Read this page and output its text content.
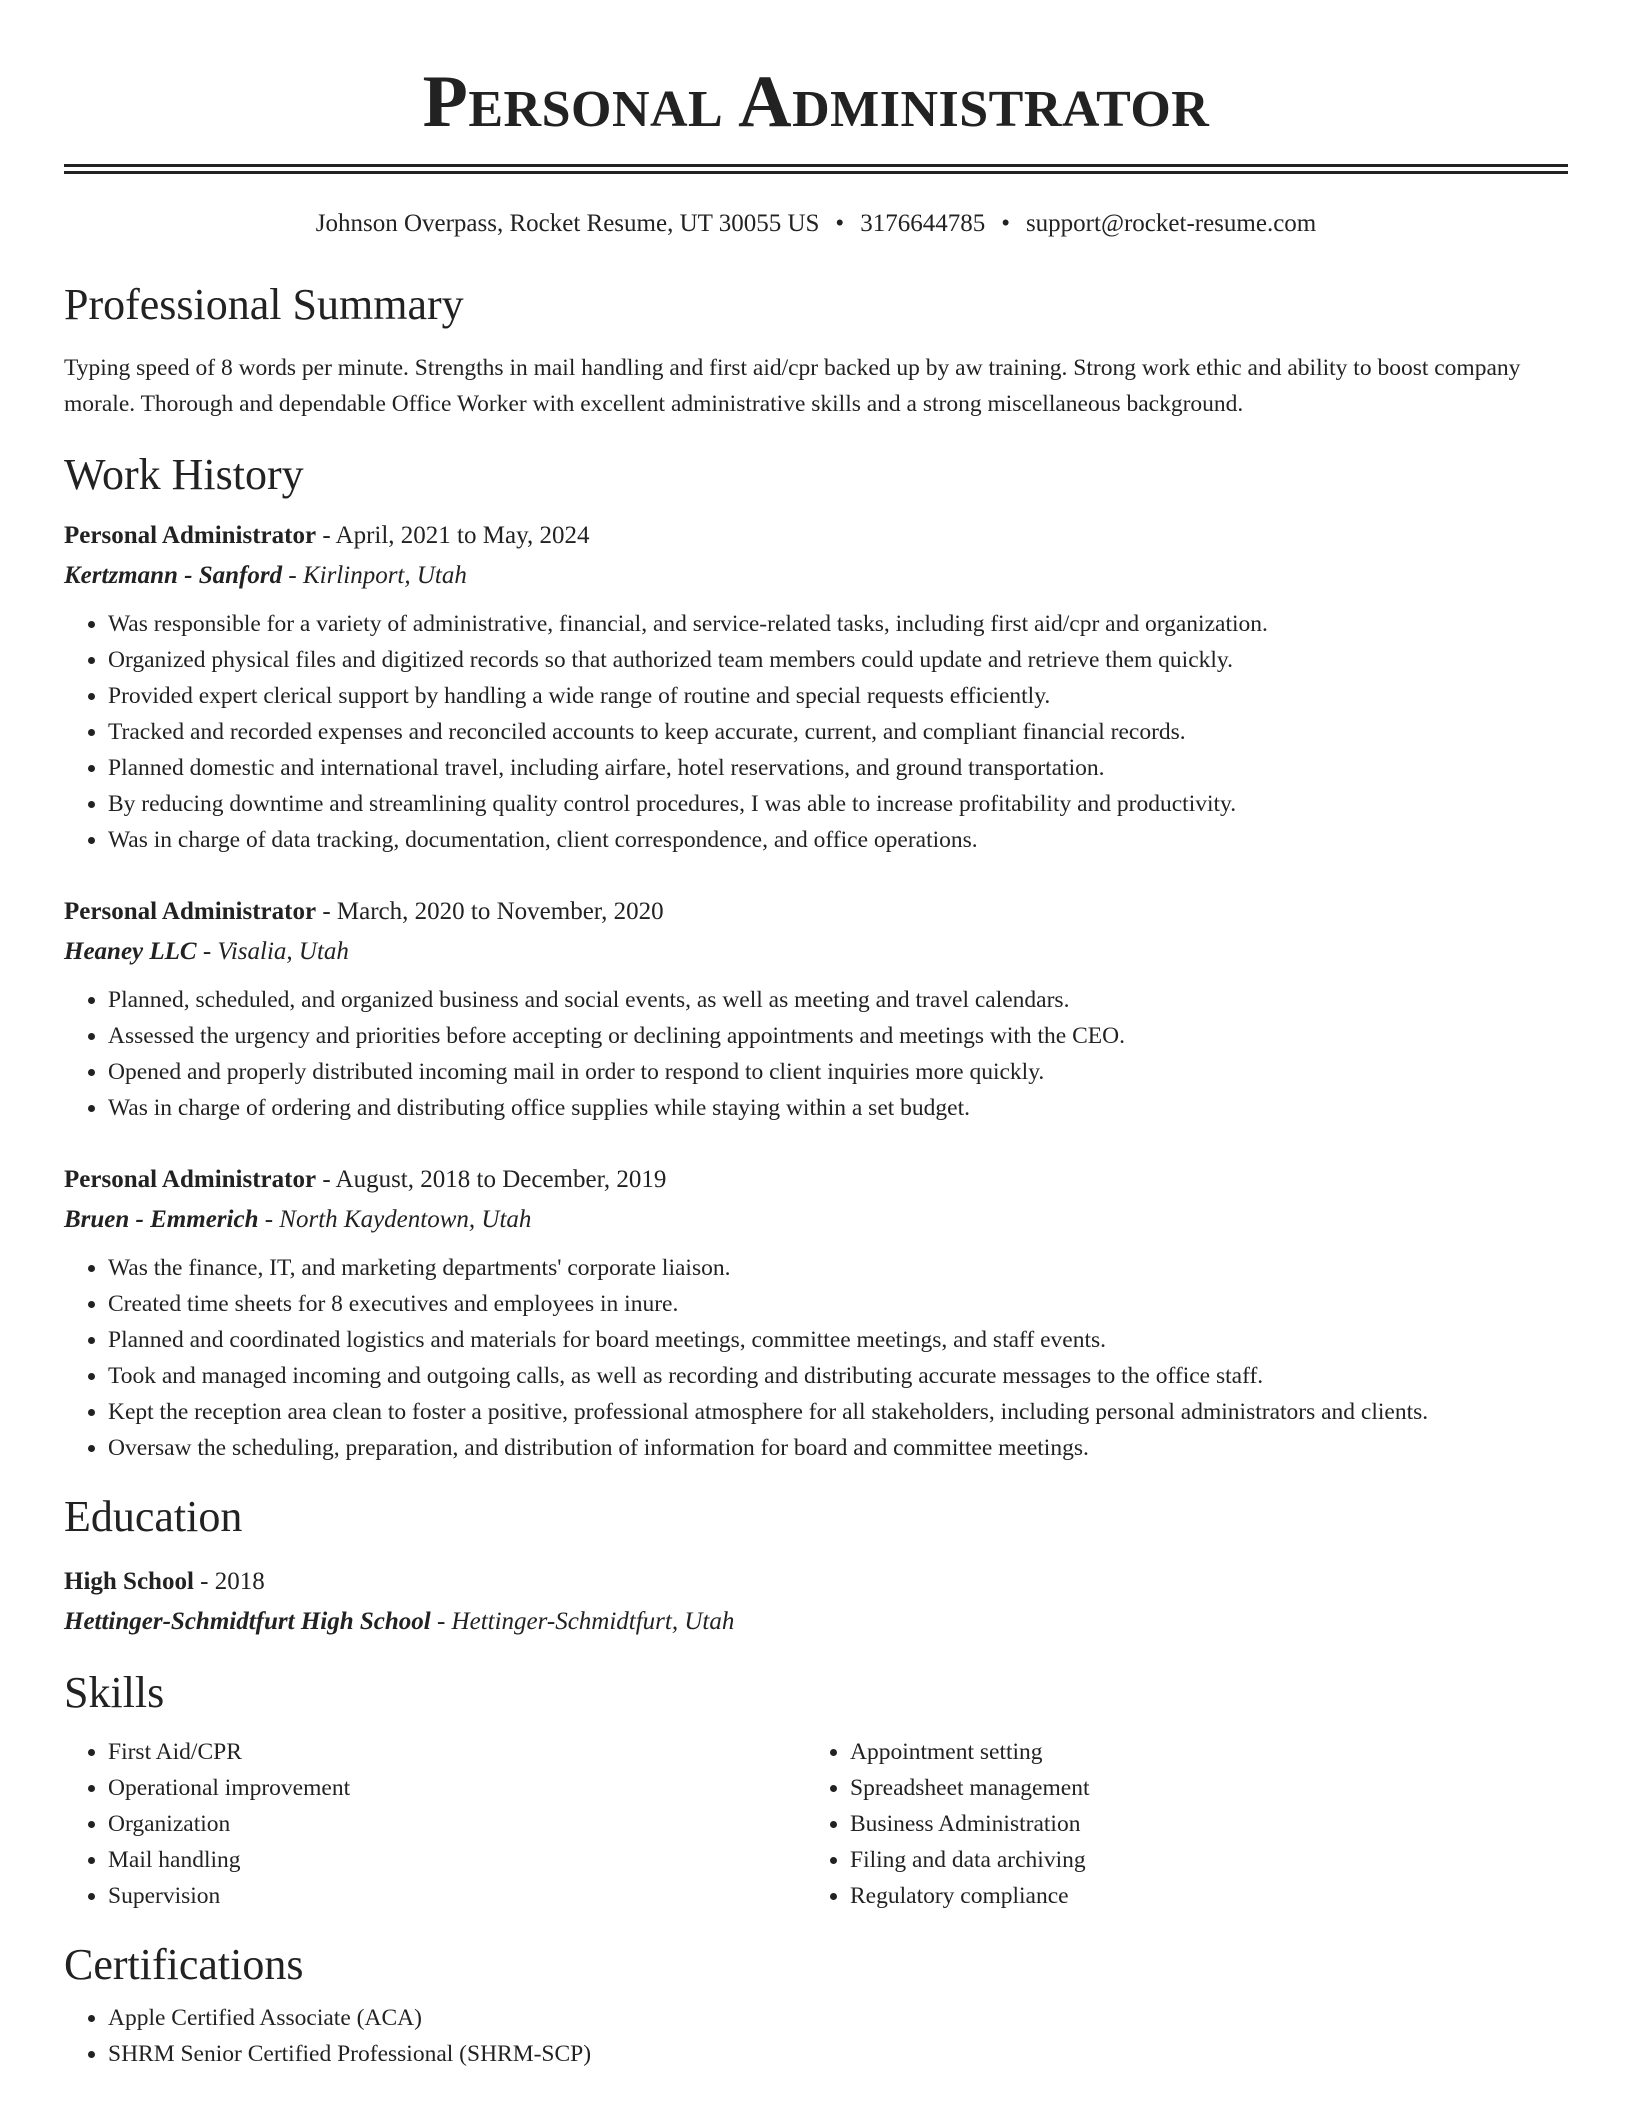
Personal Administrator
Johnson Overpass, Rocket Resume, UT 30055 US • 3176644785 • support@rocket-resume.com
Professional Summary

Typing speed of 8 words per minute. Strengths in mail handling and first aid/cpr backed up by aw training. Strong work ethic and ability to boost company morale. Thorough and dependable Office Worker with excellent administrative skills and a strong miscellaneous background.

Work History
Personal Administrator - April, 2021 to May, 2024
Kertzmann - Sanford - Kirlinport, Utah
• Was responsible for a variety of administrative, financial, and service-related tasks, including first aid/cpr and organization.
• Organized physical files and digitized records so that authorized team members could update and retrieve them quickly.
• Provided expert clerical support by handling a wide range of routine and special requests efficiently.
• Tracked and recorded expenses and reconciled accounts to keep accurate, current, and compliant financial records.
• Planned domestic and international travel, including airfare, hotel reservations, and ground transportation.
• By reducing downtime and streamlining quality control procedures, I was able to increase profitability and productivity.
• Was in charge of data tracking, documentation, client correspondence, and office operations.
Personal Administrator - March, 2020 to November, 2020
Heaney LLC - Visalia, Utah
• Planned, scheduled, and organized business and social events, as well as meeting and travel calendars.
• Assessed the urgency and priorities before accepting or declining appointments and meetings with the CEO.
• Opened and properly distributed incoming mail in order to respond to client inquiries more quickly.
• Was in charge of ordering and distributing office supplies while staying within a set budget.
Personal Administrator - August, 2018 to December, 2019
Bruen - Emmerich - North Kaydentown, Utah
• Was the finance, IT, and marketing departments' corporate liaison.
• Created time sheets for 8 executives and employees in inure.
• Planned and coordinated logistics and materials for board meetings, committee meetings, and staff events.
• Took and managed incoming and outgoing calls, as well as recording and distributing accurate messages to the office staff.
• Kept the reception area clean to foster a positive, professional atmosphere for all stakeholders, including personal administrators and clients.
• Oversaw the scheduling, preparation, and distribution of information for board and committee meetings.
Education
High School - 2018
Hettinger-Schmidtfurt High School - Hettinger-Schmidtfurt, Utah
Skills
• First Aid/CPR
• Operational improvement
• Organization
• Mail handling
• Supervision
• Appointment setting
• Spreadsheet management
• Business Administration
• Filing and data archiving
• Regulatory compliance
Certifications
• Apple Certified Associate (ACA)
• SHRM Senior Certified Professional (SHRM-SCP)
